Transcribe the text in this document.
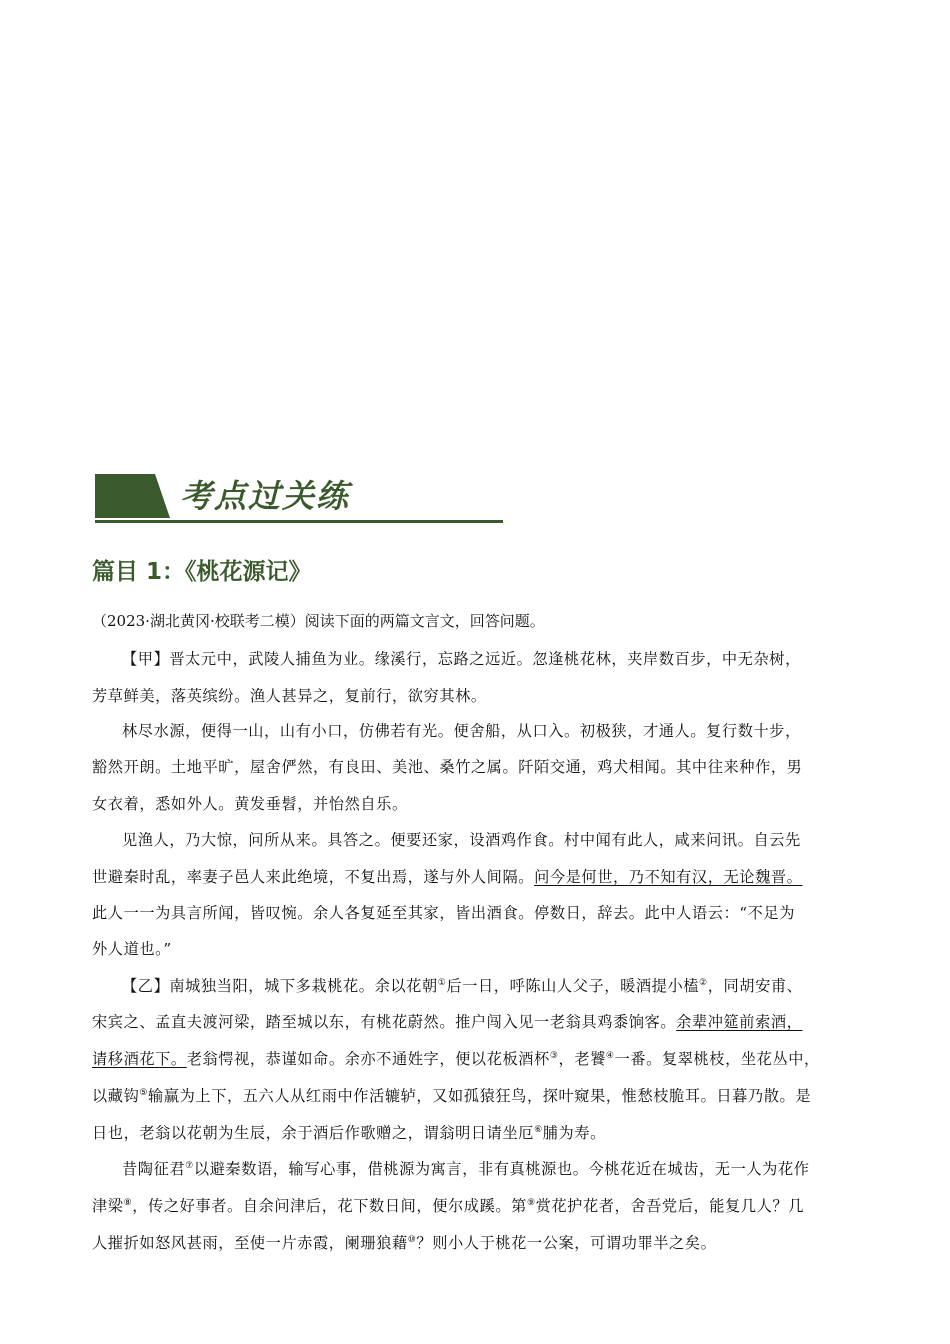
考点过关练
篇目 1：《桃花源记》
（2023·湖北黄冈·校联考二模）阅读下面的两篇文言文，回答问题。
【甲】晋太元中，武陵人捕鱼为业。缘溪行，忘路之远近。忽逢桃花林，夹岸数百步，中无杂树，
芳草鲜美，落英缤纷。渔人甚异之，复前行，欲穷其林。
林尽水源，便得一山，山有小口，仿佛若有光。便舍船，从口入。初极狭，才通人。复行数十步，
豁然开朗。土地平旷，屋舍俨然，有良田、美池、桑竹之属。阡陌交通，鸡犬相闻。其中往来种作，男
女衣着，悉如外人。黄发垂髫，并怡然自乐。
见渔人，乃大惊，问所从来。具答之。便要还家，设酒鸡作食。村中闻有此人，咸来问讯。自云先
世避秦时乱，率妻子邑人来此绝境，不复出焉，遂与外人间隔。问今是何世，乃不知有汉，无论魏晋。
此人一一为具言所闻，皆叹惋。余人各复延至其家，皆出酒食。停数日，辞去。此中人语云：“不足为
外人道也。”
【乙】南城独当阳，城下多栽桃花。余以花朝①后一日，呼陈山人父子，暖酒提小榼②，同胡安甫、
宋宾之、孟直夫渡河梁，踏至城以东，有桃花蔚然。推户闯入见一老翁具鸡黍饷客。余辈冲筵前索酒，
请移酒花下。老翁愕视，恭谨如命。余亦不通姓字，便以花板酒杯③，老饕④一番。复翠桃枝，坐花丛中，
以藏钩⑤输赢为上下，五六人从红雨中作活辘轳，又如孤猿狂鸟，探叶窥果，惟愁枝脆耳。日暮乃散。是
日也，老翁以花朝为生辰，余于酒后作歌赠之，谓翁明日请坐厄⑥脯为寿。
昔陶征君⑦以避秦数语，输写心事，借桃源为寓言，非有真桃源也。今桃花近在城齿，无一人为花作
津梁⑧，传之好事者。自余问津后，花下数日间，便尔成蹊。第⑨赏花护花者，舍吾党后，能复几人？几
人摧折如怒风甚雨，至使一片赤霞，阑珊狼藉⑩？则小人于桃花一公案，可谓功罪半之矣。
